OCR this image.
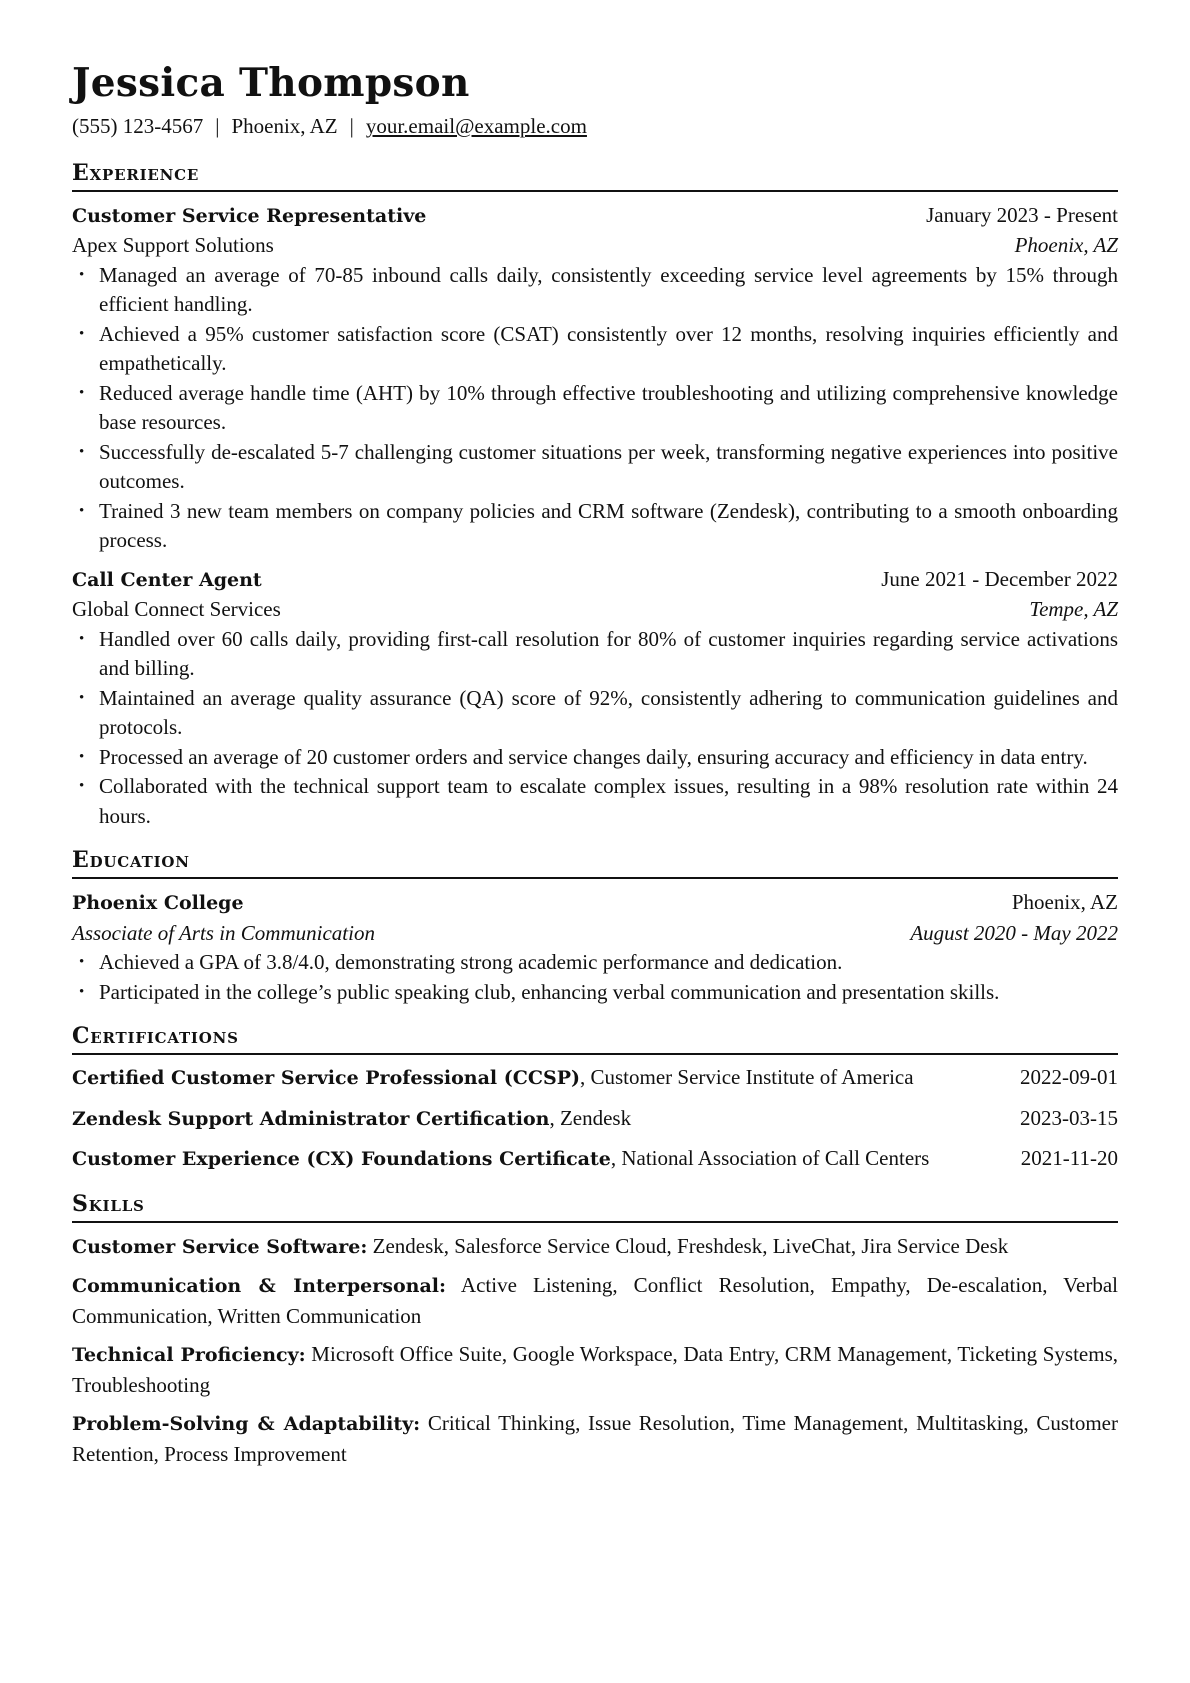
Jessica Thompson
(555) 123-4567 | Phoenix, AZ | your.email@example.com
Experience
Customer Service Representative	January 2023 - Present
Apex Support Solutions	Phoenix, AZ
• Managed an average of 70-85 inbound calls daily, consistently exceeding service level agreements by 15% through efficient handling.
• Achieved a 95% customer satisfaction score (CSAT) consistently over 12 months, resolving inquiries efficiently and empathetically.
• Reduced average handle time (AHT) by 10% through effective troubleshooting and utilizing comprehensive knowledge base resources.
• Successfully de-escalated 5-7 challenging customer situations per week, transforming negative experiences into positive outcomes.
• Trained 3 new team members on company policies and CRM software (Zendesk), contributing to a smooth onboarding process.
Call Center Agent	June 2021 - December 2022
Global Connect Services	Tempe, AZ
• Handled over 60 calls daily, providing first-call resolution for 80% of customer inquiries regarding service activations and billing.
• Maintained an average quality assurance (QA) score of 92%, consistently adhering to communication guidelines and protocols.
• Processed an average of 20 customer orders and service changes daily, ensuring accuracy and efficiency in data entry.
• Collaborated with the technical support team to escalate complex issues, resulting in a 98% resolution rate within 24 hours.
Education
Phoenix College	Phoenix, AZ
Associate of Arts in Communication	August 2020 - May 2022
• Achieved a GPA of 3.8/4.0, demonstrating strong academic performance and dedication.
• Participated in the college’s public speaking club, enhancing verbal communication and presentation skills.
Certifications
Certified Customer Service Professional (CCSP), Customer Service Institute of America	2022-09-01
Zendesk Support Administrator Certification, Zendesk	2023-03-15
Customer Experience (CX) Foundations Certificate, National Association of Call Centers	2021-11-20
Skills
Customer Service Software: Zendesk, Salesforce Service Cloud, Freshdesk, LiveChat, Jira Service Desk
Communication & Interpersonal: Active Listening, Conflict Resolution, Empathy, De-escalation, Verbal Communication, Written Communication
Technical Proficiency: Microsoft Office Suite, Google Workspace, Data Entry, CRM Management, Ticketing Systems, Troubleshooting
Problem-Solving & Adaptability: Critical Thinking, Issue Resolution, Time Management, Multitasking, Customer Retention, Process Improvement
